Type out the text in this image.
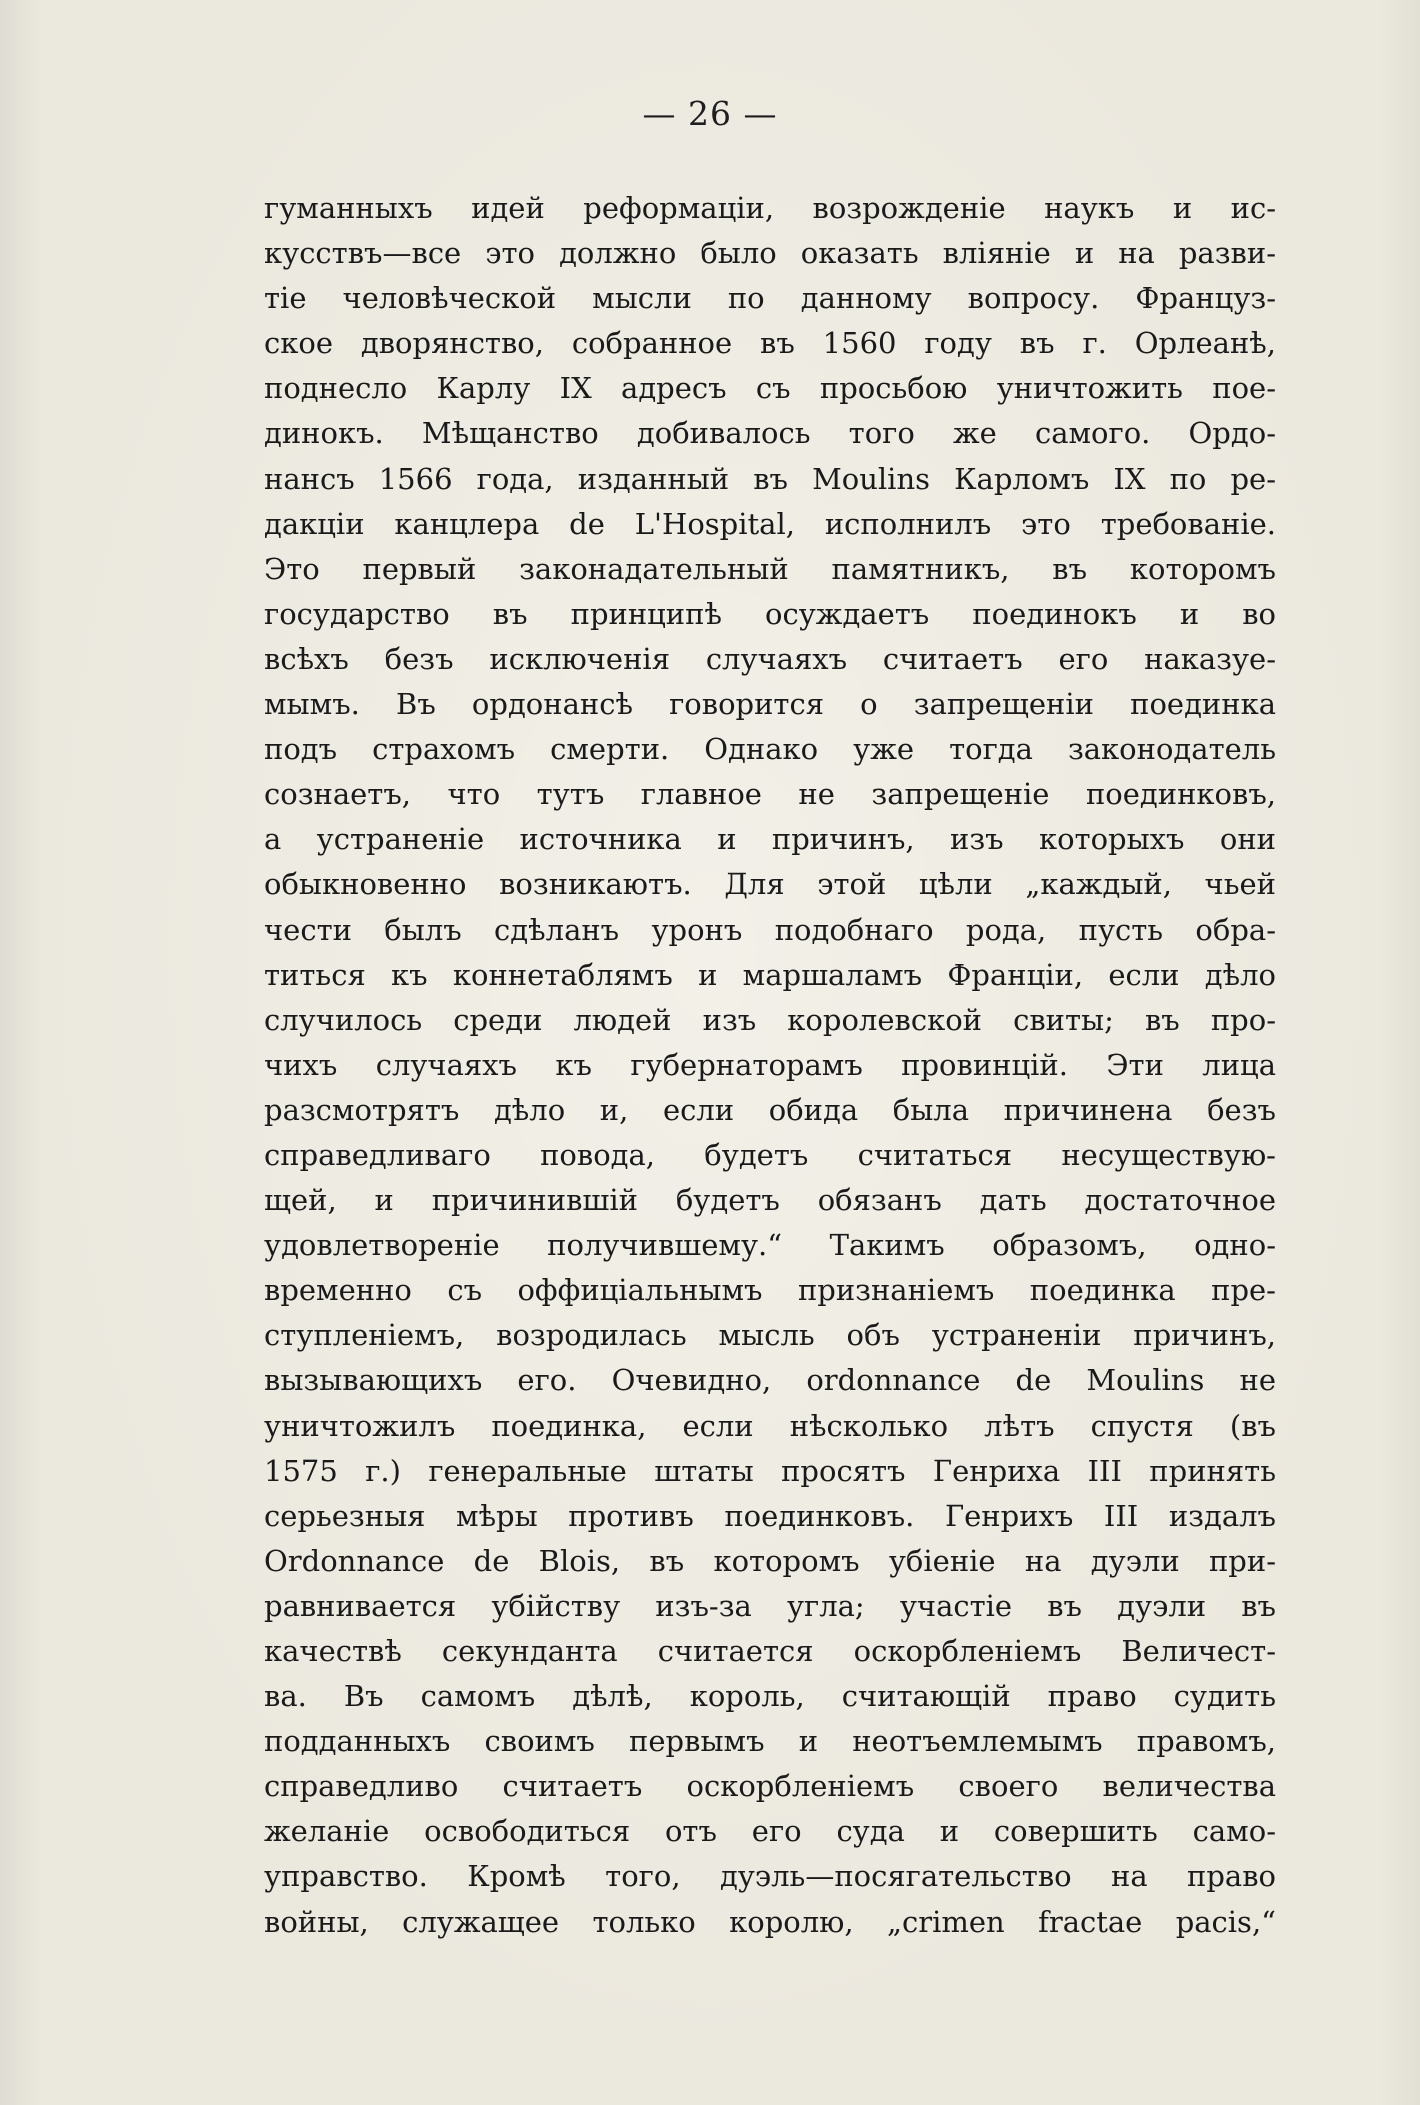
— 26 —

гуманныхъ идей реформаціи, возрожденіе наукъ и ис-
кусствъ—все это должно было оказать вліяніе и на разви-
тіе человѣческой мысли по данному вопросу. Француз-
ское дворянство, собранное въ 1560 году въ г. Орлеанѣ,
поднесло Карлу IX адресъ съ просьбою уничтожить пое-
динокъ. Мѣщанство добивалось того же самого. Ордо-
нансъ 1566 года, изданный въ Moulins Карломъ IX по ре-
дакціи канцлера de L'Hospital, исполнилъ это требованіе.
Это первый законадательный памятникъ, въ которомъ
государство въ принципѣ осуждаетъ поединокъ и во
всѣхъ безъ исключенія случаяхъ считаетъ его наказуе-
мымъ. Въ ордонансѣ говорится о запрещеніи поединка
подъ страхомъ смерти. Однако уже тогда законодатель
сознаетъ, что тутъ главное не запрещеніе поединковъ,
а устраненіе источника и причинъ, изъ которыхъ они
обыкновенно возникаютъ. Для этой цѣли „каждый, чьей
чести былъ сдѣланъ уронъ подобнаго рода, пусть обра-
титься къ коннетаблямъ и маршаламъ Франціи, если дѣло
случилось среди людей изъ королевской свиты; въ про-
чихъ случаяхъ къ губернаторамъ провинцій. Эти лица
разсмотрятъ дѣло и, если обида была причинена безъ
справедливаго повода, будетъ считаться несуществую-
щей, и причинившій будетъ обязанъ дать достаточное
удовлетвореніе получившему.“ Такимъ образомъ, одно-
временно съ оффиціальнымъ признаніемъ поединка пре-
ступленіемъ, возродилась мысль объ устраненіи причинъ,
вызывающихъ его. Очевидно, ordonnance de Moulins не
уничтожилъ поединка, если нѣсколько лѣтъ спустя (въ
1575 г.) генеральные штаты просятъ Генриха III принять
серьезныя мѣры противъ поединковъ. Генрихъ III издалъ
Ordonnance de Blois, въ которомъ убіеніе на дуэли при-
равнивается убійству изъ-за угла; участіе въ дуэли въ
качествѣ секунданта считается оскорбленіемъ Величест-
ва. Въ самомъ дѣлѣ, король, считающій право судить
подданныхъ своимъ первымъ и неотъемлемымъ правомъ,
справедливо считаетъ оскорбленіемъ своего величества
желаніе освободиться отъ его суда и совершить само-
управство. Кромѣ того, дуэль—посягательство на право
войны, служащее только королю, „crimen fractae pacis,“
